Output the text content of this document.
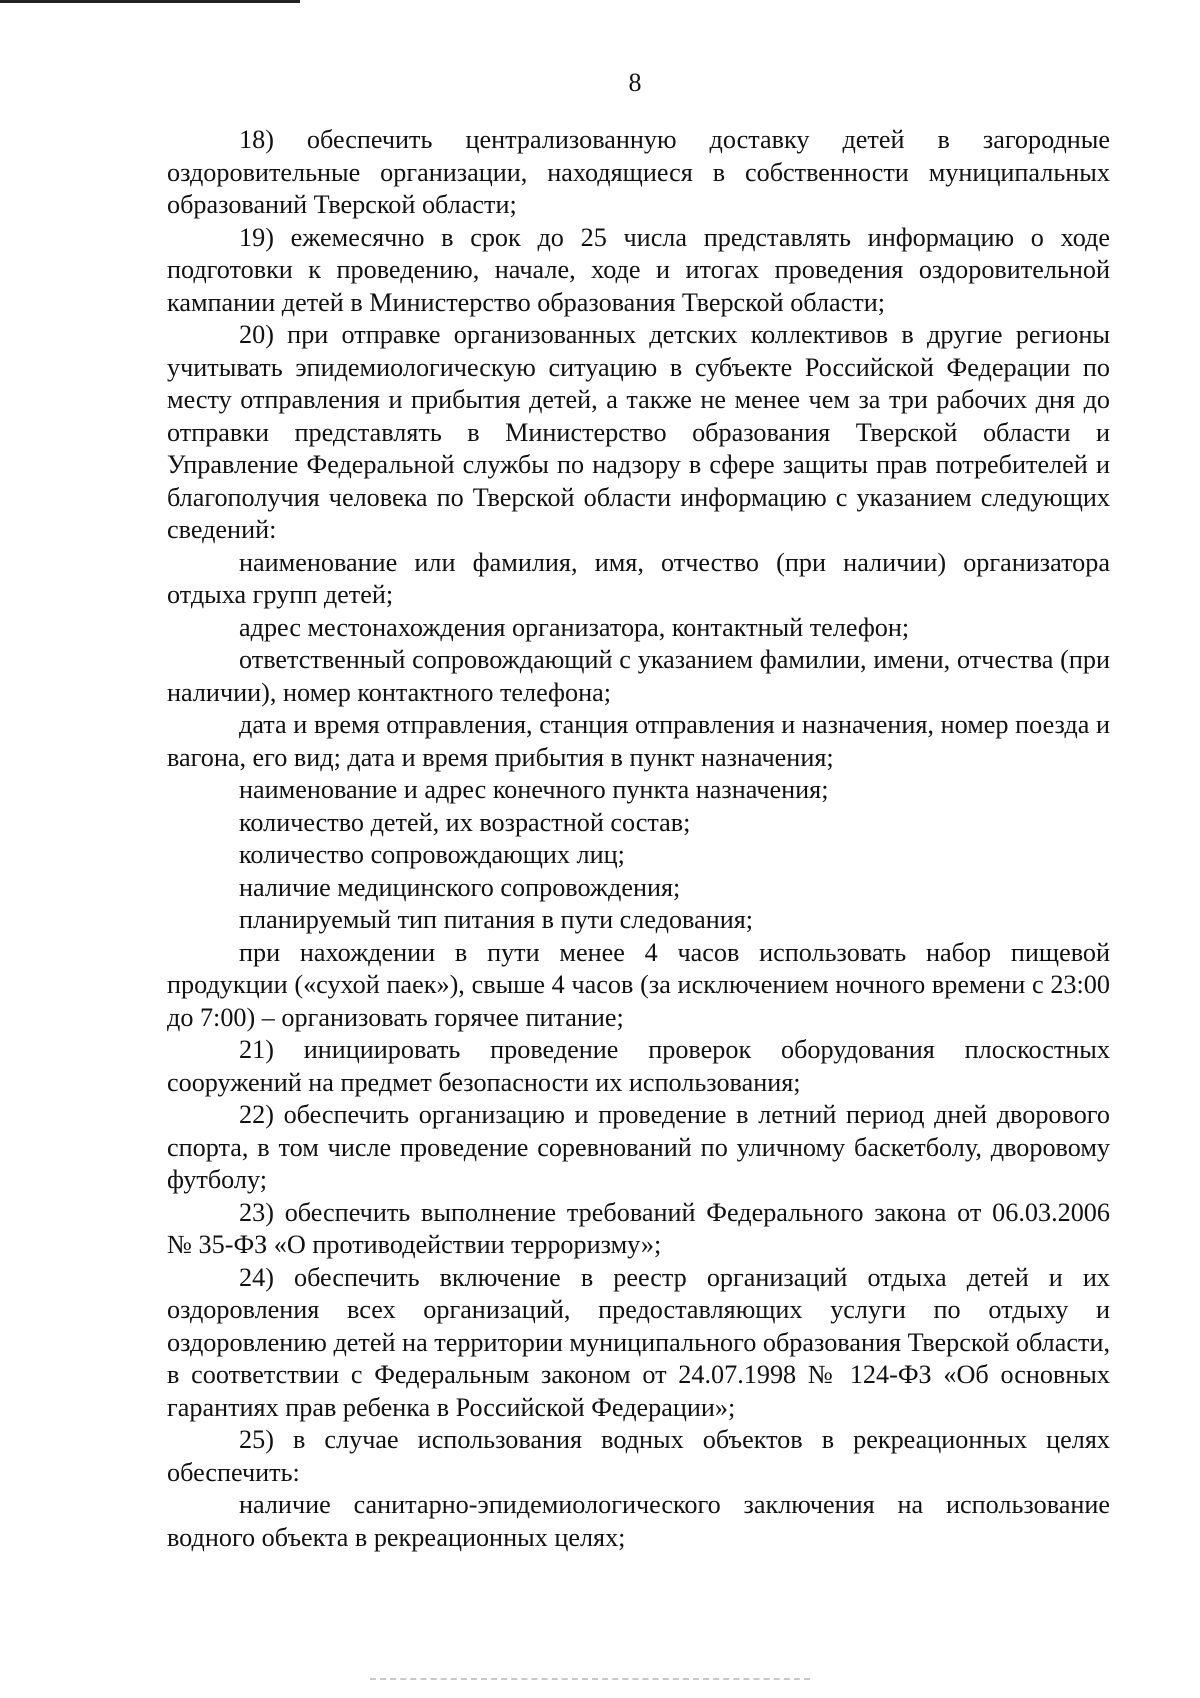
8

18) обеспечить централизованную доставку детей в загородные оздоровительные организации, находящиеся в собственности муниципальных образований Тверской области;

19) ежемесячно в срок до 25 числа представлять информацию о ходе подготовки к проведению, начале, ходе и итогах проведения оздоровительной кампании детей в Министерство образования Тверской области;

20) при отправке организованных детских коллективов в другие регионы учитывать эпидемиологическую ситуацию в субъекте Российской Федерации по месту отправления и прибытия детей, а также не менее чем за три рабочих дня до отправки представлять в Министерство образования Тверской области и Управление Федеральной службы по надзору в сфере защиты прав потребителей и благополучия человека по Тверской области информацию с указанием следующих сведений:

наименование или фамилия, имя, отчество (при наличии) организатора отдыха групп детей;

адрес местонахождения организатора, контактный телефон;

ответственный сопровождающий с указанием фамилии, имени, отчества (при наличии), номер контактного телефона;

дата и время отправления, станция отправления и назначения, номер поезда и вагона, его вид; дата и время прибытия в пункт назначения;

наименование и адрес конечного пункта назначения;

количество детей, их возрастной состав;

количество сопровождающих лиц;

наличие медицинского сопровождения;

планируемый тип питания в пути следования;

при нахождении в пути менее 4 часов использовать набор пищевой продукции («сухой паек»), свыше 4 часов (за исключением ночного времени с 23:00 до 7:00) – организовать горячее питание;

21) инициировать проведение проверок оборудования плоскостных сооружений на предмет безопасности их использования;

22) обеспечить организацию и проведение в летний период дней дворового спорта, в том числе проведение соревнований по уличному баскетболу, дворовому футболу;

23) обеспечить выполнение требований Федерального закона от 06.03.2006 № 35-ФЗ «О противодействии терроризму»;

24) обеспечить включение в реестр организаций отдыха детей и их оздоровления всех организаций, предоставляющих услуги по отдыху и оздоровлению детей на территории муниципального образования Тверской области, в соответствии с Федеральным законом от 24.07.1998 № 124-ФЗ «Об основных гарантиях прав ребенка в Российской Федерации»;

25) в случае использования водных объектов в рекреационных целях обеспечить:

наличие санитарно-эпидемиологического заключения на использование водного объекта в рекреационных целях;
